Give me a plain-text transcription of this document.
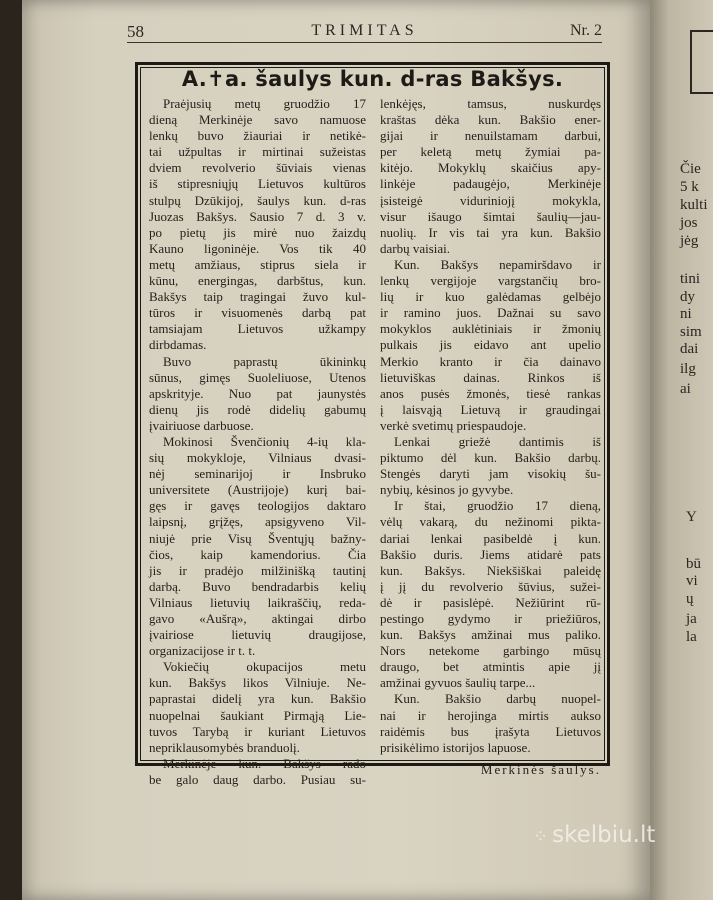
58	TRIMITAS	Nr. 2
A.✝a. šaulys kun. d-ras Bakšys.
Praėjusių metų gruodžio 17
dieną Merkinėje savo namuose
lenkų buvo žiauriai ir netikė-
tai užpultas ir mirtinai sužeistas
dviem revolverio šūviais vienas
iš stipresniųjų Lietuvos kultūros
stulpų Dzūkijoj, šaulys kun. d-ras
Juozas Bakšys. Sausio 7 d. 3 v.
po pietų jis mirė nuo žaizdų
Kauno ligoninėje. Vos tik 40
metų amžiaus, stiprus siela ir
kūnu, energingas, darbštus, kun.
Bakšys taip tragingai žuvo kul-
tūros ir visuomenės darbą pat
tamsiajam Lietuvos užkampy
dirbdamas.
Buvo paprastų ūkininkų
sūnus, gimęs Suoleliuose, Utenos
apskrityje. Nuo pat jaunystės
dienų jis rodė didelių gabumų
įvairiuose darbuose.
Mokinosi Švenčionių 4-ių kla-
sių mokykloje, Vilniaus dvasi-
nėj seminarijoj ir Insbruko
universitete (Austrijoje) kurį bai-
gęs ir gavęs teologijos daktaro
laipsnį, grįžęs, apsigyveno Vil-
niujė prie Visų Šventųjų bažny-
čios, kaip kamendorius. Čia
jis ir pradėjo milžinišką tautinį
darbą. Buvo bendradarbis kelių
Vilniaus lietuvių laikraščių, reda-
gavo «Aušrą», aktingai dirbo
įvairiose lietuvių draugijose,
organizacijose ir t. t.
Vokiečių okupacijos metu
kun. Bakšys likos Vilniuje. Ne-
paprastai didelį yra kun. Bakšio
nuopelnai šaukiant Pirmąją Lie-
tuvos Tarybą ir kuriant Lietuvos
nepriklausomybės branduolį.
Merkinėje kun. Bakšys rado
be galo daug darbo. Pusiau su-
lenkėjęs, tamsus, nuskurdęs
kraštas dėka kun. Bakšio ener-
gijai ir nenuilstamam darbui,
per keletą metų žymiai pa-
kitėjo. Mokyklų skaičius apy-
linkėje padaugėjo, Merkinėje
įsisteigė viduriniojį mokykla,
visur išaugo šimtai šaulių—jau-
nuolių. Ir vis tai yra kun. Bakšio
darbų vaisiai.
Kun. Bakšys nepamiršdavo ir
lenkų vergijoje vargstančių bro-
lių ir kuo galėdamas gelbėjo
ir ramino juos. Dažnai su savo
mokyklos auklėtiniais ir žmonių
pulkais jis eidavo ant upelio
Merkio kranto ir čia dainavo
lietuviškas dainas. Rinkos iš
anos pusės žmonės, tiesė rankas
į laisvąją Lietuvą ir graudingai
verkė svetimų priespaudoje.
Lenkai griežė dantimis iš
piktumo dėl kun. Bakšio darbų.
Stengės daryti jam visokių šu-
nybių, kėsinos jo gyvybe.
Ir štai, gruodžio 17 dieną,
vėlų vakarą, du nežinomi pikta-
dariai lenkai pasibeldė į kun.
Bakšio duris. Jiems atidarė pats
kun. Bakšys. Niekšiškai paleidę
į jį du revolverio šūvius, sužei-
dė ir pasislėpė. Nežiūrint rū-
pestingo gydymo ir priežiūros,
kun. Bakšys amžinai mus paliko.
Nors netekome garbingo mūsų
draugo, bet atmintis apie jį
amžinai gyvuos šaulių tarpe...
Kun. Bakšio darbų nuopel-
nai ir herojinga mirtis aukso
raidėmis bus įrašyta Lietuvos
prisikėlimo istorijos lapuose.
Merkinės šaulys.
Čie
5 k
kulti
jos
jėg
tini
dy
ni
sim
dai
ilg
ai
Y
bū
vi
ų
ja
la
⁘ skelbiu.lt
